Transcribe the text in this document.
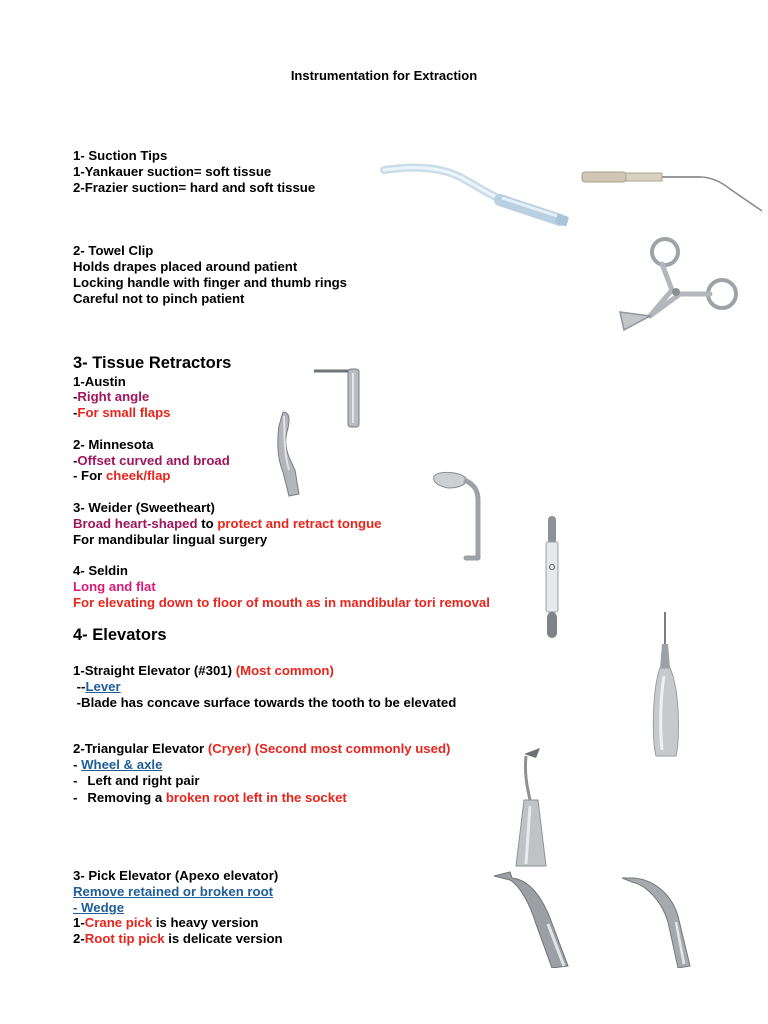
Instrumentation for Extraction
1- Suction Tips
1-Yankauer suction= soft tissue
2-Frazier suction= hard and soft tissue
2- Towel Clip
Holds drapes placed around patient
Locking handle with finger and thumb rings
Careful not to pinch patient
3- Tissue Retractors
1-Austin
-Right angle
-For small flaps
2- Minnesota
-Offset curved and broad
- For cheek/flap
3- Weider (Sweetheart)
Broad heart-shaped to protect and retract tongue
For mandibular lingual surgery
4- Seldin
Long and flat
For elevating down to floor of mouth as in mandibular tori removal
4- Elevators
1-Straight Elevator (#301) (Most common)
--Lever
-Blade has concave surface towards the tooth to be elevated
2-Triangular Elevator (Cryer) (Second most commonly used)
- Wheel & axle
- Left and right pair
- Removing a broken root left in the socket
3- Pick Elevator (Apexo elevator)
Remove retained or broken root
- Wedge
1-Crane pick is heavy version
2-Root tip pick is delicate version
O
